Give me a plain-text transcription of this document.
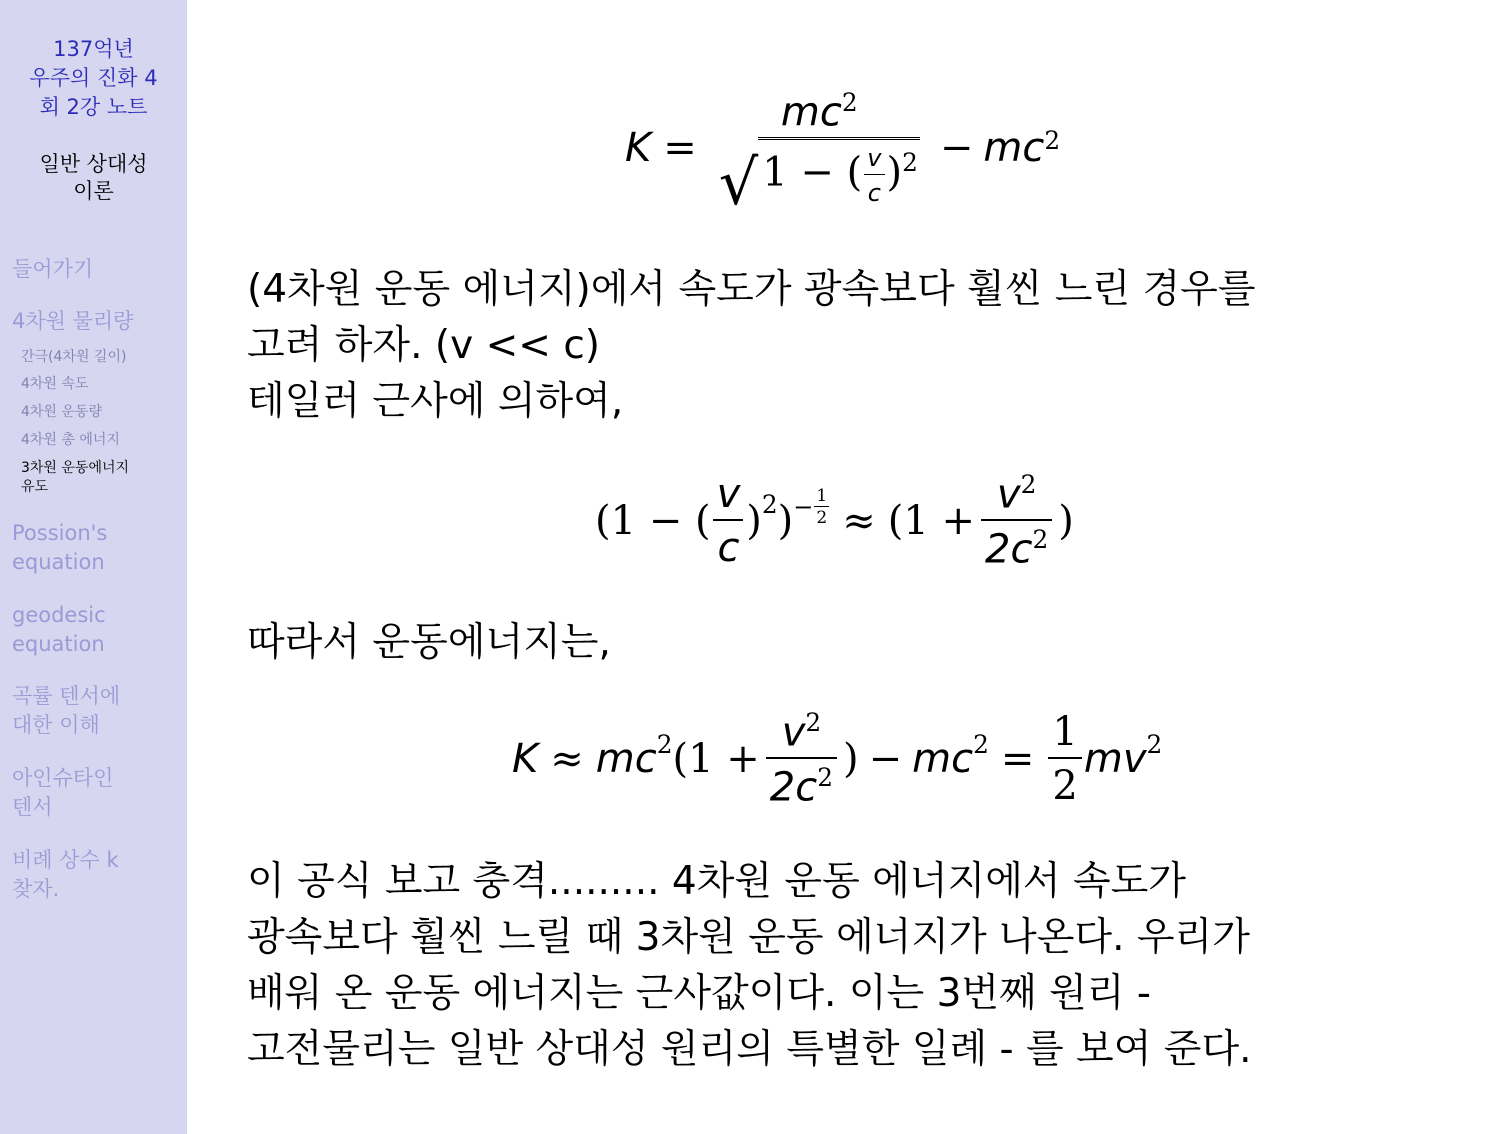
137억년
우주의 진화 4
회 2강 노트
일반 상대성
이론
들어가기
4차원 물리량
간극(4차원 길이)
4차원 속도
4차원 운동량
4차원 총 에너지
3차원 운동에너지
유도
Possion's
equation
geodesic
equation
곡률 텐서에
대한 이해
아인슈타인
텐서
비례 상수 k
찾자.
K =
$mc^2$
√ 1 − ( $\frac{v}{c} )^2$ − mc 2
(4차원 운동 에너지)에서 속도가 광속보다 훨씬 느린 경우를
고려 하자. (v << c)
테일러 근사에 의하여,
(1 − ( $\frac{v}{c} )^2$ ) − $\frac{1}{2} \approx (1 + \frac{v^2}{2c^2}$ )
따라서 운동에너지는,
$K \approx mc^2$ ($1 + \frac{v^2}{2c^2}$ ) − $mc^2 = \frac{1}{2} mv^2$
이 공식 보고 충격......... 4차원 운동 에너지에서 속도가
광속보다 훨씬 느릴 때 3차원 운동 에너지가 나온다. 우리가
배워 온 운동 에너지는 근사값이다. 이는 3번째 원리 -
고전물리는 일반 상대성 원리의 특별한 일례 - 를 보여 준다.
